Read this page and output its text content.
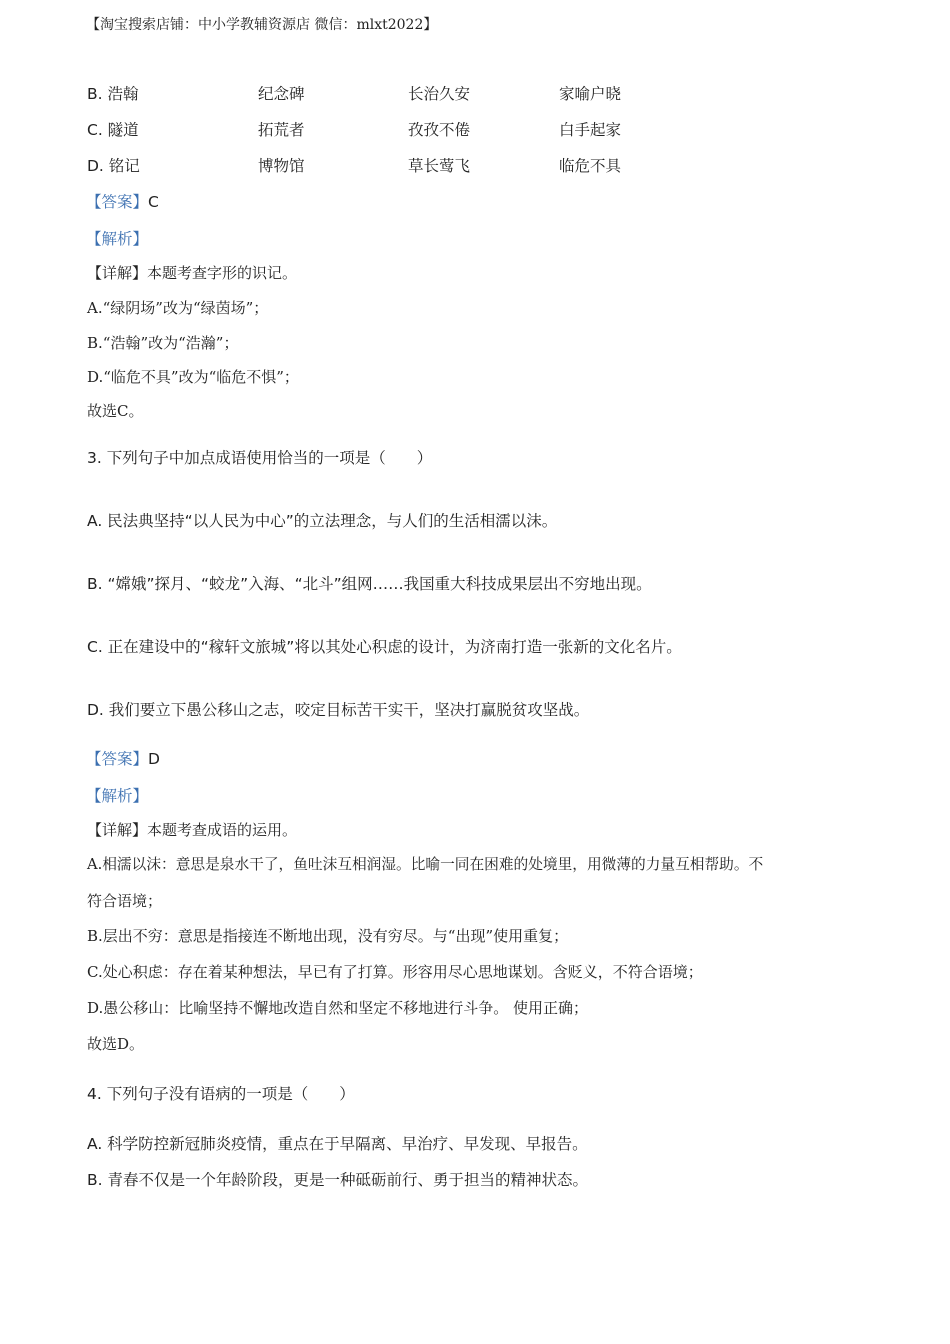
【淘宝搜索店铺：中小学教辅资源店 微信：mlxt2022】
B. 浩翰	纪念碑	长治久安	家喻户晓
C. 隧道	拓荒者	孜孜不倦	白手起家
D. 铭记	博物馆	草长莺飞	临危不具
【答案】C
【解析】
【详解】本题考查字形的识记。
A.“绿阴场”改为“绿茵场”；
B.“浩翰”改为“浩瀚”；
D.“临危不具”改为“临危不惧”；
故选C。
3. 下列句子中加点成语使用恰当的一项是（　　）
A. 民法典坚持“以人民为中心”的立法理念，与人们的生活相濡以沫。
B. “嫦娥”探月、“蛟龙”入海、“北斗”组网……我国重大科技成果层出不穷地出现。
C. 正在建设中的“稼轩文旅城”将以其处心积虑的设计，为济南打造一张新的文化名片。
D. 我们要立下愚公移山之志，咬定目标苦干实干，坚决打赢脱贫攻坚战。
【答案】D
【解析】
【详解】本题考查成语的运用。
A.相濡以沫：意思是泉水干了，鱼吐沫互相润湿。比喻一同在困难的处境里，用微薄的力量互相帮助。不
符合语境；
B.层出不穷：意思是指接连不断地出现，没有穷尽。与“出现”使用重复；
C.处心积虑：存在着某种想法，早已有了打算。形容用尽心思地谋划。含贬义，不符合语境；
D.愚公移山：比喻坚持不懈地改造自然和坚定不移地进行斗争。 使用正确；
故选D。
4. 下列句子没有语病的一项是（　　）
A. 科学防控新冠肺炎疫情，重点在于早隔离、早治疗、早发现、早报告。
B. 青春不仅是一个年龄阶段，更是一种砥砺前行、勇于担当的精神状态。
